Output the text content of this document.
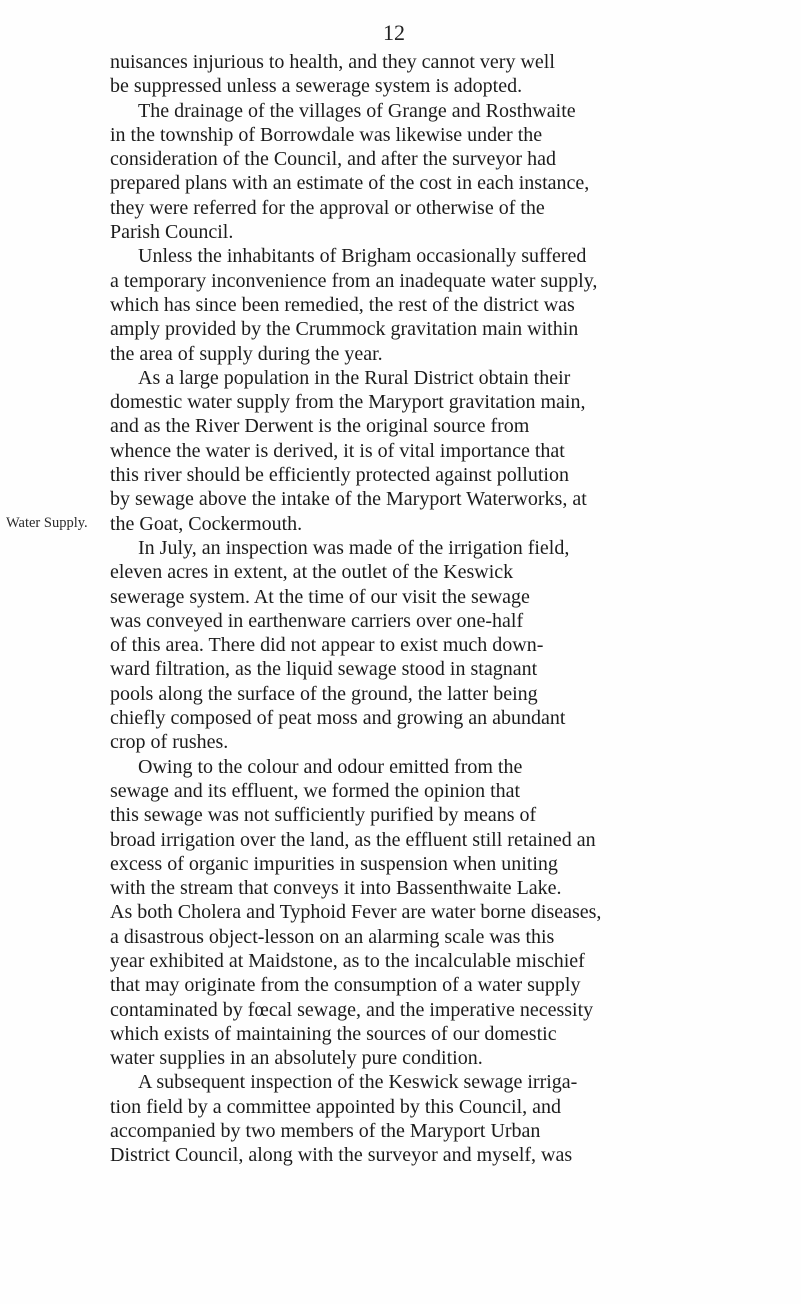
12
Water Supply.
nuisances injurious to health, and they cannot very well
be suppressed unless a sewerage system is adopted.
The drainage of the villages of Grange and Rosthwaite
in the township of Borrowdale was likewise under the
consideration of the Council, and after the surveyor had
prepared plans with an estimate of the cost in each instance,
they were referred for the approval or otherwise of the
Parish Council.
Unless the inhabitants of Brigham occasionally suffered
a temporary inconvenience from an inadequate water supply,
which has since been remedied, the rest of the district was
amply provided by the Crummock gravitation main within
the area of supply during the year.
As a large population in the Rural District obtain their
domestic water supply from the Maryport gravitation main,
and as the River Derwent is the original source from
whence the water is derived, it is of vital importance that
this river should be efficiently protected against pollution
by sewage above the intake of the Maryport Waterworks, at
the Goat, Cockermouth.
In July, an inspection was made of the irrigation field,
eleven acres in extent, at the outlet of the Keswick
sewerage system. At the time of our visit the sewage
was conveyed in earthenware carriers over one-half
of this area. There did not appear to exist much down-
ward filtration, as the liquid sewage stood in stagnant
pools along the surface of the ground, the latter being
chiefly composed of peat moss and growing an abundant
crop of rushes.
Owing to the colour and odour emitted from the
sewage and its effluent, we formed the opinion that
this sewage was not sufficiently purified by means of
broad irrigation over the land, as the effluent still retained an
excess of organic impurities in suspension when uniting
with the stream that conveys it into Bassenthwaite Lake.
As both Cholera and Typhoid Fever are water borne diseases,
a disastrous object-lesson on an alarming scale was this
year exhibited at Maidstone, as to the incalculable mischief
that may originate from the consumption of a water supply
contaminated by fœcal sewage, and the imperative necessity
which exists of maintaining the sources of our domestic
water supplies in an absolutely pure condition.
A subsequent inspection of the Keswick sewage irriga-
tion field by a committee appointed by this Council, and
accompanied by two members of the Maryport Urban
District Council, along with the surveyor and myself, was
